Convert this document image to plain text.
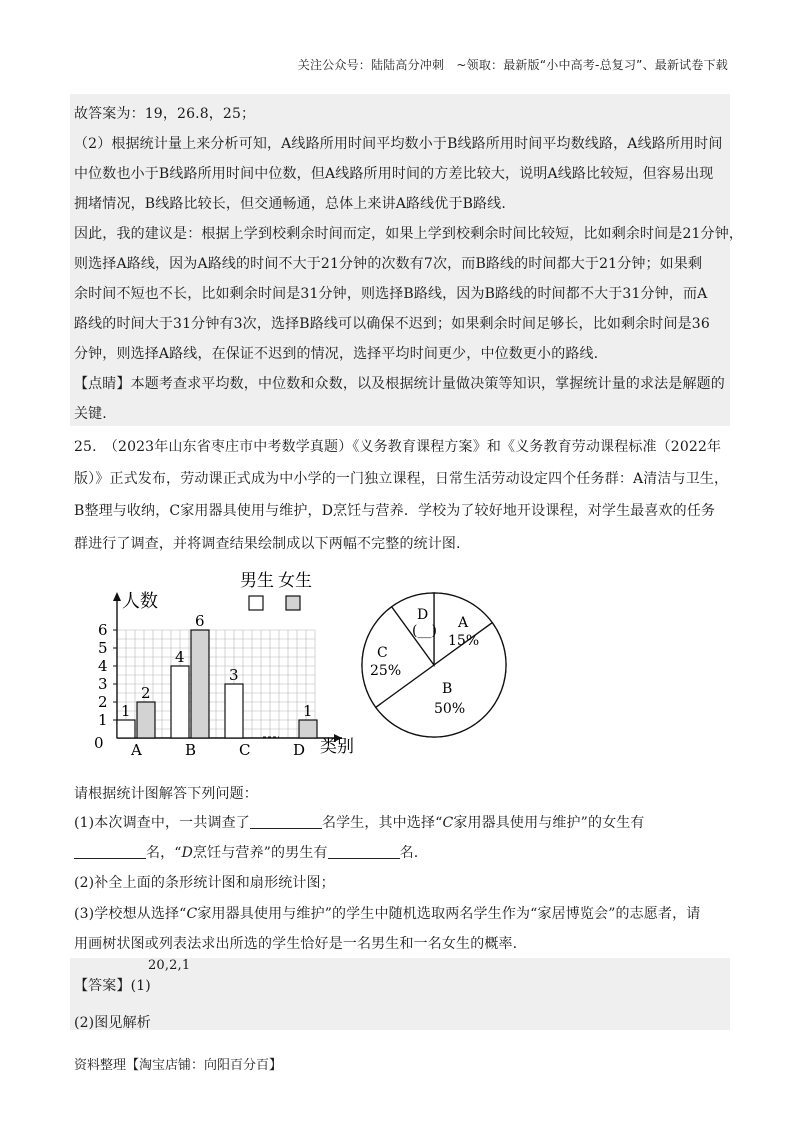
关注公众号：陆陆高分冲刺　~领取：最新版“小中高考-总复习”、最新试卷下载
故答案为：19，26.8，25；
（2）根据统计量上来分析可知，A线路所用时间平均数小于B线路所用时间平均数线路，A线路所用时间
中位数也小于B线路所用时间中位数，但A线路所用时间的方差比较大，说明A线路比较短，但容易出现
拥堵情况，B线路比较长，但交通畅通，总体上来讲A路线优于B路线.
因此，我的建议是：根据上学到校剩余时间而定，如果上学到校剩余时间比较短，比如剩余时间是21分钟，
则选择A路线，因为A路线的时间不大于21分钟的次数有7次，而B路线的时间都大于21分钟；如果剩
余时间不短也不长，比如剩余时间是31分钟，则选择B路线，因为B路线的时间都不大于31分钟，而A
路线的时间大于31分钟有3次，选择B路线可以确保不迟到；如果剩余时间足够长，比如剩余时间是36
分钟，则选择A路线，在保证不迟到的情况，选择平均时间更少，中位数更小的路线.
【点睛】本题考查求平均数，中位数和众数，以及根据统计量做决策等知识，掌握统计量的求法是解题的
关键.
25.　（2023年山东省枣庄市中考数学真题）《义务教育课程方案》和《义务教育劳动课程标准（2022年
版）》正式发布，劳动课正式成为中小学的一门独立课程，日常生活劳动设定四个任务群：A清洁与卫生，
B整理与收纳，C家用器具使用与维护，D烹饪与营养．学校为了较好地开设课程，对学生最喜欢的任务
群进行了调查，并将调查结果绘制成以下两幅不完整的统计图.
人数
类别
0
1
2
3
4
5
6
A	B	C	D
1
4
3
2
6
1
男生 女生
A
15%
B
50%
C
25%
D
(__)
请根据统计图解答下列问题：
(1)本次调查中，一共调查了	名学生，其中选择“C家用器具使用与维护”的女生有
名，“D烹饪与营养”的男生有	名.
(2)补全上面的条形统计图和扇形统计图；
(3)学校想从选择“C家用器具使用与维护”的学生中随机选取两名学生作为“家居博览会”的志愿者，请
用画树状图或列表法求出所选的学生恰好是一名男生和一名女生的概率.
【答案】(1)
20,2,1
(2)图见解析
资料整理【淘宝店铺：向阳百分百】
